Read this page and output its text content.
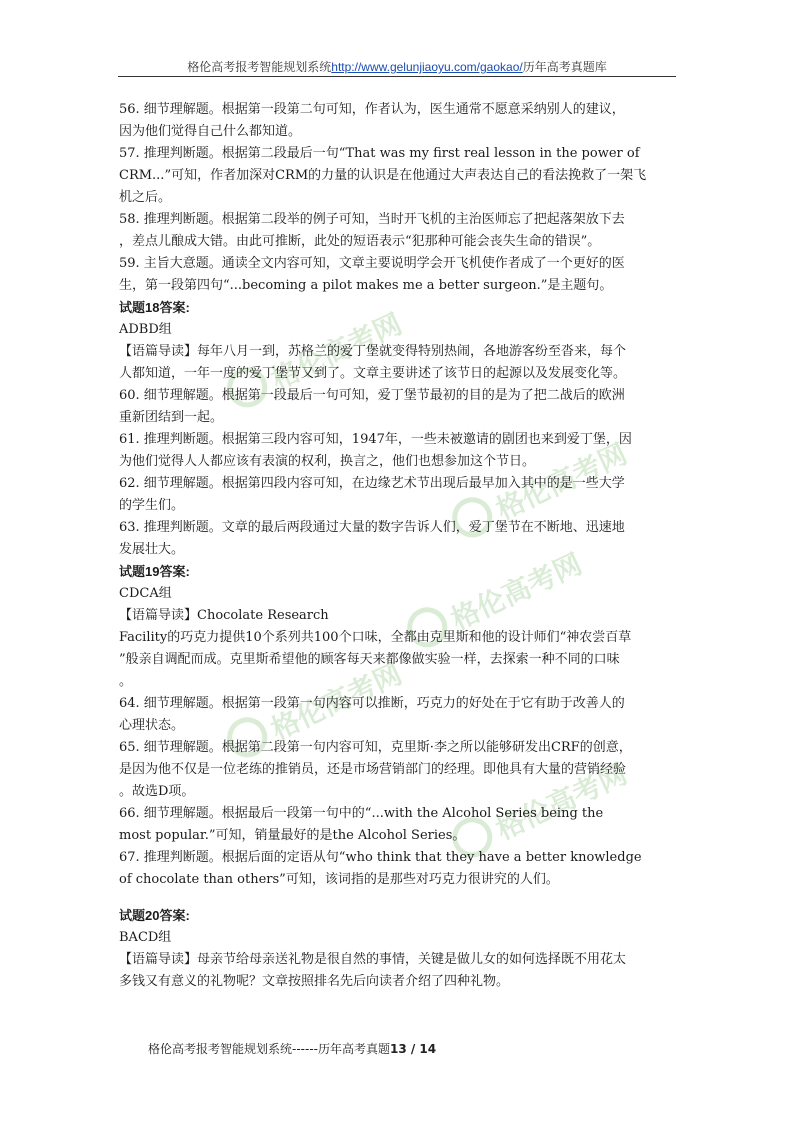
格伦高考报考智能规划系统http://www.gelunjiaoyu.com/gaokao/历年高考真题库
格伦高考网
格伦高考网
格伦高考网
格伦高考网
格伦高考网
56. 细节理解题。根据第一段第二句可知，作者认为，医生通常不愿意采纳别人的建议，
因为他们觉得自己什么都知道。
57. 推理判断题。根据第二段最后一句“That was my first real lesson in the power of
CRM...”可知，作者加深对CRM的力量的认识是在他通过大声表达自己的看法挽救了一架飞
机之后。
58. 推理判断题。根据第二段举的例子可知，当时开飞机的主治医师忘了把起落架放下去
，差点儿酿成大错。由此可推断，此处的短语表示“犯那种可能会丧失生命的错误”。
59. 主旨大意题。通读全文内容可知，文章主要说明学会开飞机使作者成了一个更好的医
生，第一段第四句“...becoming a pilot makes me a better surgeon.”是主题句。
试题18答案:
ADBD组
【语篇导读】每年八月一到，苏格兰的爱丁堡就变得特别热闹，各地游客纷至沓来，每个
人都知道，一年一度的爱丁堡节又到了。文章主要讲述了该节日的起源以及发展变化等。
60. 细节理解题。根据第一段最后一句可知，爱丁堡节最初的目的是为了把二战后的欧洲
重新团结到一起。
61. 推理判断题。根据第三段内容可知，1947年，一些未被邀请的剧团也来到爱丁堡，因
为他们觉得人人都应该有表演的权利，换言之，他们也想参加这个节日。
62. 细节理解题。根据第四段内容可知，在边缘艺术节出现后最早加入其中的是一些大学
的学生们。
63. 推理判断题。文章的最后两段通过大量的数字告诉人们，爱丁堡节在不断地、迅速地
发展壮大。
试题19答案:
CDCA组
【语篇导读】Chocolate Research
Facility的巧克力提供10个系列共100个口味，全都由克里斯和他的设计师们“神农尝百草
”般亲自调配而成。克里斯希望他的顾客每天来都像做实验一样，去探索一种不同的口味
。
64. 细节理解题。根据第一段第一句内容可以推断，巧克力的好处在于它有助于改善人的
心理状态。
65. 细节理解题。根据第二段第一句内容可知，克里斯·李之所以能够研发出CRF的创意，
是因为他不仅是一位老练的推销员，还是市场营销部门的经理。即他具有大量的营销经验
。故选D项。
66. 细节理解题。根据最后一段第一句中的“...with the Alcohol Series being the
most popular.”可知，销量最好的是the Alcohol Series。
67. 推理判断题。根据后面的定语从句“who think that they have a better knowledge
of chocolate than others”可知，该词指的是那些对巧克力很讲究的人们。
试题20答案:
BACD组
【语篇导读】母亲节给母亲送礼物是很自然的事情，关键是做儿女的如何选择既不用花太
多钱又有意义的礼物呢？文章按照排名先后向读者介绍了四种礼物。
格伦高考报考智能规划系统------历年高考真题13 / 14
